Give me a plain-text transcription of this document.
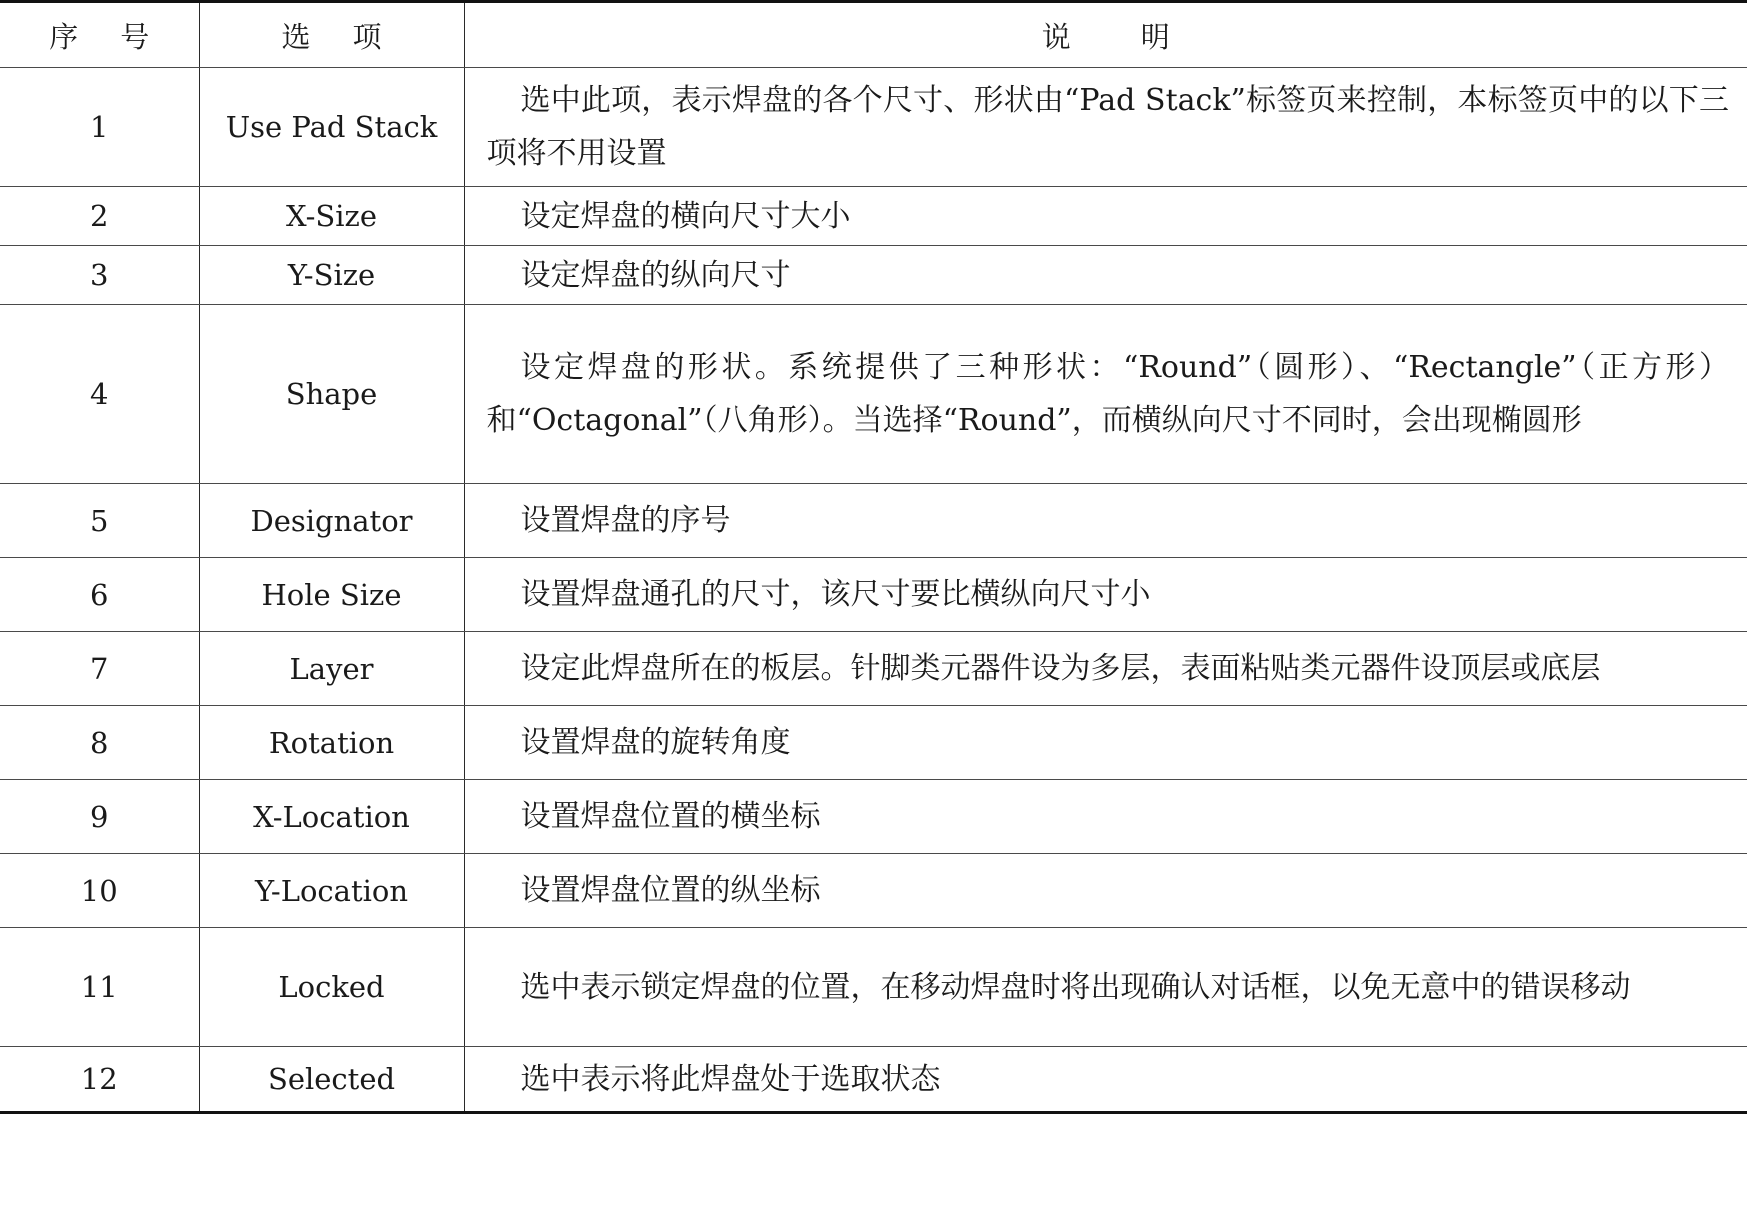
序号	选项	说明
1	Use Pad Stack	选中此项，表示焊盘的各个尺寸、形状由“Pad Stack”标签页来控制，本标签页中的以下三项将不用设置

2	X-Size	设定焊盘的横向尺寸大小

3	Y-Size	设定焊盘的纵向尺寸

4	Shape	设定焊盘的形状。系统提供了三种形状：“Round”（圆形）、“Rectangle”（正方形）和“Octagonal”（八角形）。当选择“Round”，而横纵向尺寸不同时，会出现椭圆形

5	Designator	设置焊盘的序号

6	Hole Size	设置焊盘通孔的尺寸，该尺寸要比横纵向尺寸小

7	Layer	设定此焊盘所在的板层。针脚类元器件设为多层，表面粘贴类元器件设顶层或底层

8	Rotation	设置焊盘的旋转角度

9	X-Location	设置焊盘位置的横坐标

10	Y-Location	设置焊盘位置的纵坐标

11	Locked	选中表示锁定焊盘的位置，在移动焊盘时将出现确认对话框，以免无意中的错误移动

12	Selected	选中表示将此焊盘处于选取状态
